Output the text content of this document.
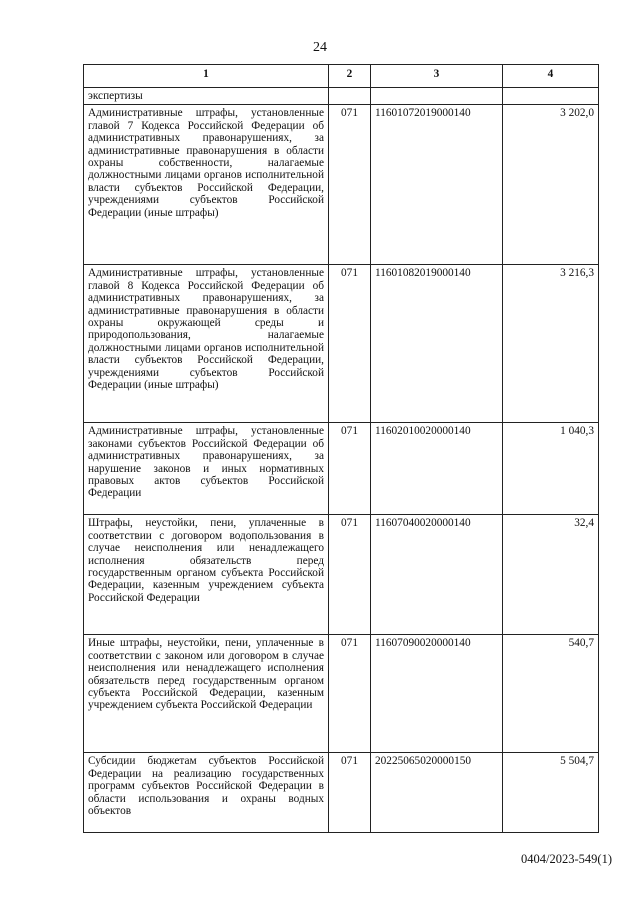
24
1	2	3	4
экспертизы			
Административные штрафы, установленные главой 7 Кодекса Российской Федерации об административных правонарушениях, за административные правонарушения в области охраны собственности, налагаемые должностными лицами органов исполнительной власти субъектов Российской Федерации, учреждениями субъектов Российской Федерации (иные штрафы)	071	11601072019000140	3 202,0
Административные штрафы, установленные главой 8 Кодекса Российской Федерации об административных правонарушениях, за административные правонарушения в области охраны окружающей среды и природопользования, налагаемые должностными лицами органов исполнительной власти субъектов Российской Федерации, учреждениями субъектов Российской Федерации (иные штрафы)	071	11601082019000140	3 216,3
Административные штрафы, установленные законами субъектов Российской Федерации об административных правонарушениях, за нарушение законов и иных нормативных правовых актов субъектов Российской Федерации	071	11602010020000140	1 040,3
Штрафы, неустойки, пени, уплаченные в соответствии с договором водопользования в случае неисполнения или ненадлежащего исполнения обязательств перед государственным органом субъекта Российской Федерации, казенным учреждением субъекта Российской Федерации	071	11607040020000140	32,4
Иные штрафы, неустойки, пени, уплаченные в соответствии с законом или договором в случае неисполнения или ненадлежащего исполнения обязательств перед государственным органом субъекта Российской Федерации, казенным учреждением субъекта Российской Федерации	071	11607090020000140	540,7
Субсидии бюджетам субъектов Российской Федерации на реализацию государственных программ субъектов Российской Федерации в области использования и охраны водных объектов	071	20225065020000150	5 504,7
0404/2023-549(1)
